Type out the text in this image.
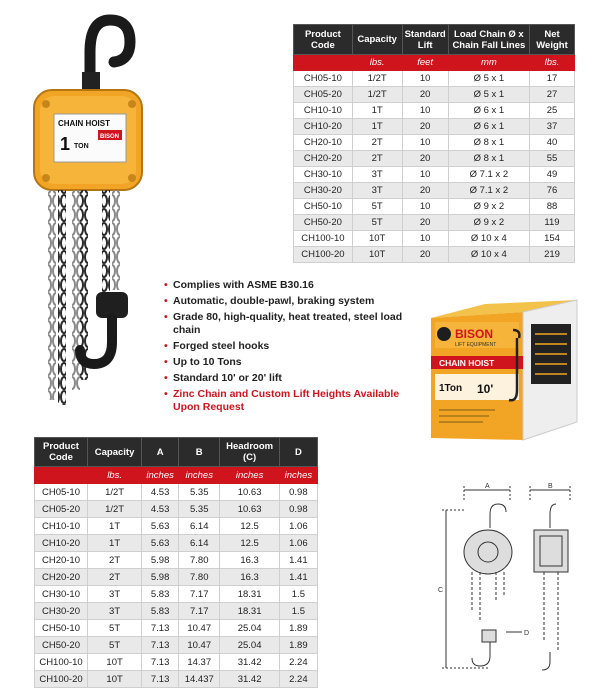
CHAIN HOIST
1 TON
BISON
Product Code	Capacity	Standard Lift	Load Chain Ø x Chain Fall Lines	Net Weight
	lbs.	feet	mm	lbs.
CH05-10	1/2T	10	Ø 5 x 1	17
CH05-20	1/2T	20	Ø 5 x 1	27
CH10-10	1T	10	Ø 6 x 1	25
CH10-20	1T	20	Ø 6 x 1	37
CH20-10	2T	10	Ø 8 x 1	40
CH20-20	2T	20	Ø 8 x 1	55
CH30-10	3T	10	Ø 7.1 x 2	49
CH30-20	3T	20	Ø 7.1 x 2	76
CH50-10	5T	10	Ø 9 x 2	88
CH50-20	5T	20	Ø 9 x 2	119
CH100-10	10T	10	Ø 10 x 4	154
CH100-20	10T	20	Ø 10 x 4	219
• Complies with ASME B30.16
• Automatic, double-pawl, braking system
• Grade 80, high-quality, heat treated, steel load chain
• Forged steel hooks
• Up to 10 Tons
• Standard 10' or 20' lift
• Zinc Chain and Custom Lift Heights Available Upon Request
BISON
LIFT EQUIPMENT
CHAIN HOIST
1Ton 10'
Product Code	Capacity	A	B	Headroom (C)	D
	lbs.	inches	inches	inches	inches
CH05-10	1/2T	4.53	5.35	10.63	0.98
CH05-20	1/2T	4.53	5.35	10.63	0.98
CH10-10	1T	5.63	6.14	12.5	1.06
CH10-20	1T	5.63	6.14	12.5	1.06
CH20-10	2T	5.98	7.80	16.3	1.41
CH20-20	2T	5.98	7.80	16.3	1.41
CH30-10	3T	5.83	7.17	18.31	1.5
CH30-20	3T	5.83	7.17	18.31	1.5
CH50-10	5T	7.13	10.47	25.04	1.89
CH50-20	5T	7.13	10.47	25.04	1.89
CH100-10	10T	7.13	14.37	31.42	2.24
CH100-20	10T	7.13	14.437	31.42	2.24
A	B
C
D
